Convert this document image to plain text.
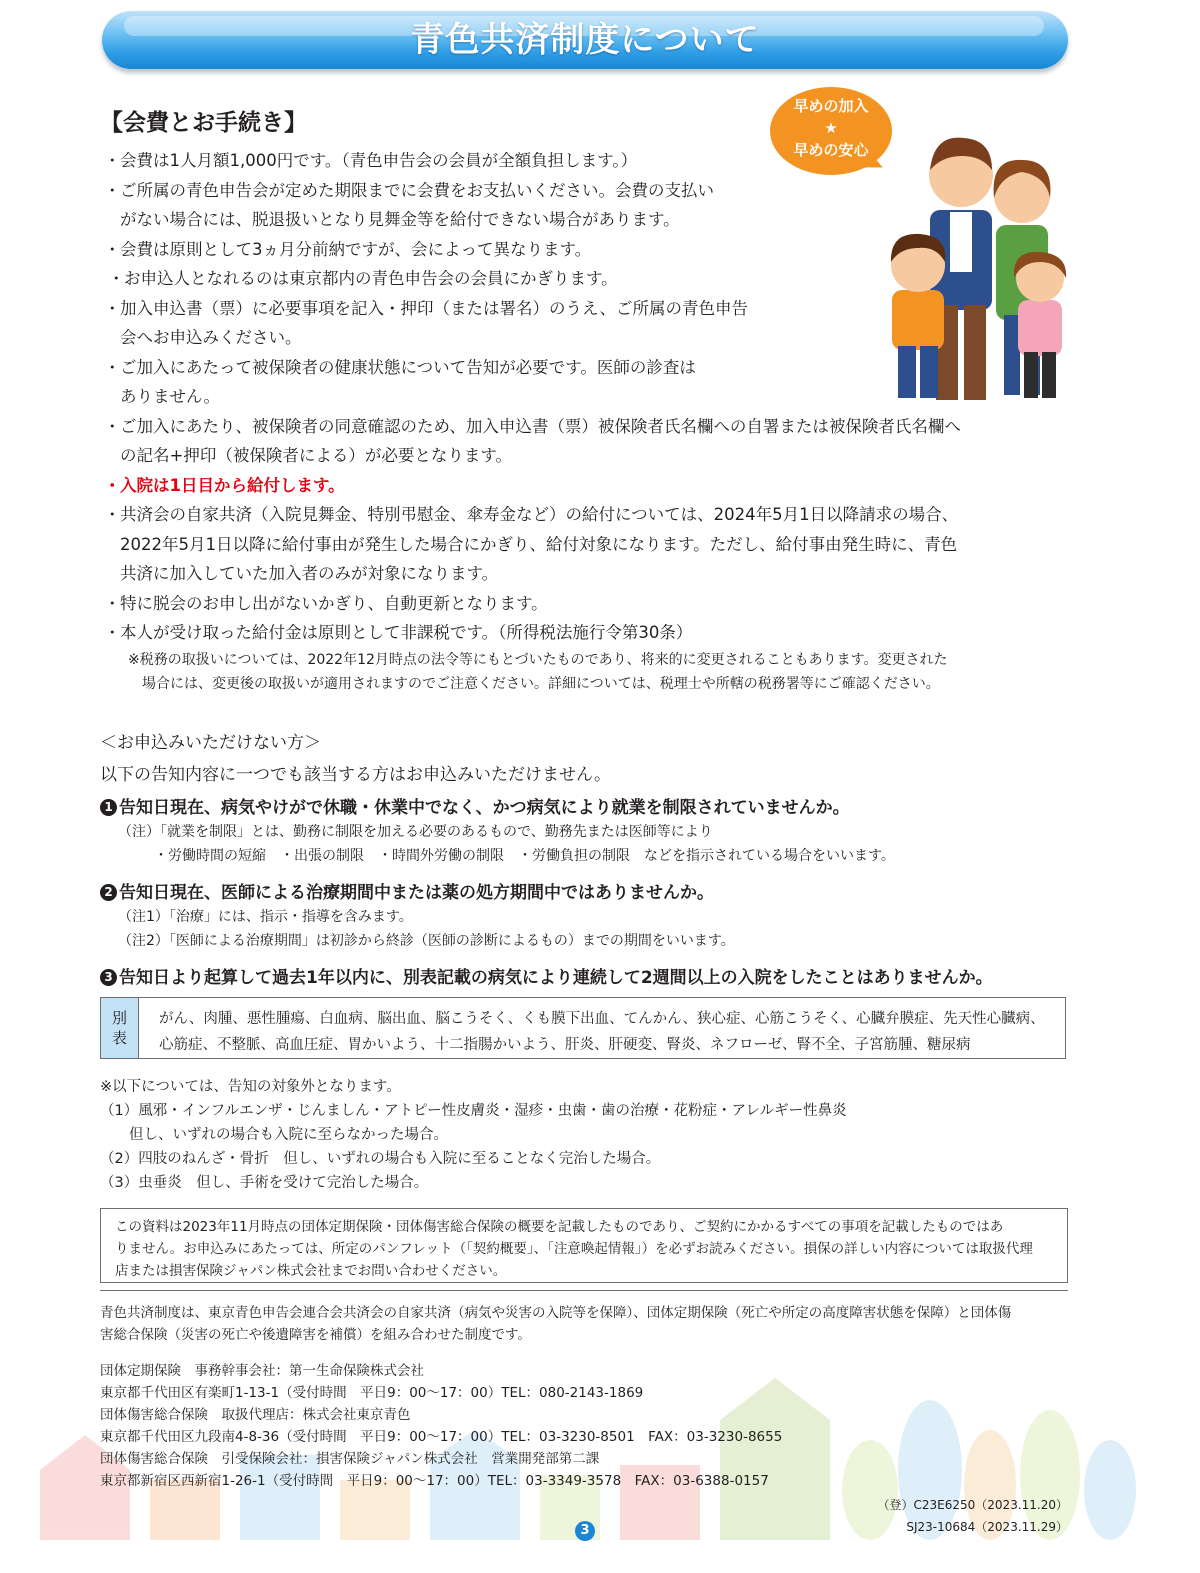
青色共済制度について
【会費とお手続き】
早めの加入
★
早めの安心
・ 会費は1人月額1,000円です。（青色申告会の会員が全額負担します。）
・ ご所属の青色申告会が定めた期限までに会費をお支払いください。会費の支払い
がない場合には、脱退扱いとなり見舞金等を給付できない場合があります。
・ 会費は原則として3ヵ月分前納ですが、会によって異なります。
・ お申込人となれるのは東京都内の青色申告会の会員にかぎります。
・ 加入申込書（票）に必要事項を記入・押印（または署名）のうえ、ご所属の青色申告
会へお申込みください。
・ ご加入にあたって被保険者の健康状態について告知が必要です。医師の診査は
ありません。
・ ご加入にあたり、被保険者の同意確認のため、加入申込書（票）被保険者氏名欄への自署または被保険者氏名欄へ
の記名+押印（被保険者による）が必要となります。
・ 入院は1日目から給付します。
・ 共済会の自家共済（入院見舞金、特別弔慰金、傘寿金など）の給付については、2024年5月1日以降請求の場合、
2022年5月1日以降に給付事由が発生した場合にかぎり、給付対象になります。ただし、給付事由発生時に、青色
共済に加入していた加入者のみが対象になります。
・ 特に脱会のお申し出がないかぎり、自動更新となります。
・ 本人が受け取った給付金は原則として非課税です。（所得税法施行令第30条）
※税務の取扱いについては、2022年12月時点の法令等にもとづいたものであり、将来的に変更されることもあります。変更された
場合には、変更後の取扱いが適用されますのでご注意ください。詳細については、税理士や所轄の税務署等にご確認ください。
＜お申込みいただけない方＞
以下の告知内容に一つでも該当する方はお申込みいただけません。
1 告知日現在、病気やけがで休職・休業中でなく、かつ病気により就業を制限されていませんか。
（注）「就業を制限」とは、勤務に制限を加える必要のあるもので、勤務先または医師等により
・労働時間の短縮　・出張の制限　・時間外労働の制限　・労働負担の制限　などを指示されている場合をいいます。
2 告知日現在、医師による治療期間中または薬の処方期間中ではありませんか。
（注1）「治療」には、指示・指導を含みます。
（注2）「医師による治療期間」は初診から終診（医師の診断によるもの）までの期間をいいます。
3 告知日より起算して過去1年以内に、別表記載の病気により連続して2週間以上の入院をしたことはありませんか。
別
表
がん、肉腫、悪性腫瘍、白血病、脳出血、脳こうそく、くも膜下出血、てんかん、狭心症、心筋こうそく、心臓弁膜症、先天性心臓病、
心筋症、不整脈、高血圧症、胃かいよう、十二指腸かいよう、肝炎、肝硬変、腎炎、ネフローゼ、腎不全、子宮筋腫、糖尿病
※以下については、告知の対象外となります。
（1）風邪・インフルエンザ・じんましん・アトピー性皮膚炎・湿疹・虫歯・歯の治療・花粉症・アレルギー性鼻炎
　　但し、いずれの場合も入院に至らなかった場合。
（2）四肢のねんざ・骨折　但し、いずれの場合も入院に至ることなく完治した場合。
（3）虫垂炎　但し、手術を受けて完治した場合。
この資料は2023年11月時点の団体定期保険・団体傷害総合保険の概要を記載したものであり、ご契約にかかるすべての事項を記載したものではあ
りません。お申込みにあたっては、所定のパンフレット（「契約概要」、「注意喚起情報」）を必ずお読みください。損保の詳しい内容については取扱代理
店または損害保険ジャパン株式会社までお問い合わせください。
青色共済制度は、東京青色申告会連合会共済会の自家共済（病気や災害の入院等を保障）、団体定期保険（死亡や所定の高度障害状態を保障）と団体傷
害総合保険（災害の死亡や後遺障害を補償）を組み合わせた制度です。
団体定期保険　事務幹事会社：第一生命保険株式会社
東京都千代田区有楽町1-13-1（受付時間　平日9：00～17：00）TEL：080-2143-1869
団体傷害総合保険　取扱代理店：株式会社東京青色
東京都千代田区九段南4-8-36（受付時間　平日9：00～17：00）TEL：03-3230-8501　FAX：03-3230-8655
団体傷害総合保険　引受保険会社：損害保険ジャパン株式会社　営業開発部第二課
東京都新宿区西新宿1-26-1（受付時間　平日9：00～17：00）TEL：03-3349-3578　FAX：03-6388-0157
（登）C23E6250（2023.11.20）
SJ23-10684（2023.11.29）
3
